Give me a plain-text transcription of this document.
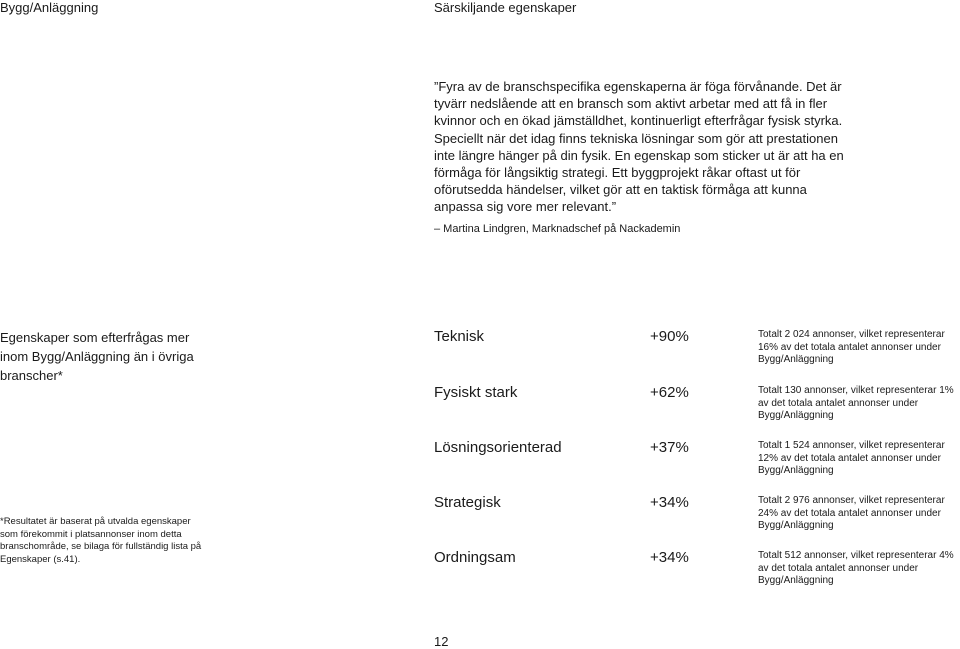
Bygg/Anläggning	Särskiljande egenskaper

”Fyra av de branschspecifika egenskaperna är föga förvånande. Det är tyvärr nedslående att en bransch som aktivt arbetar med att få in fler kvinnor och en ökad jämställdhet, kontinuerligt efterfrågar fysisk styrka. Speciellt när det idag finns tekniska lösningar som gör att prestationen inte längre hänger på din fysik. En egenskap som sticker ut är att ha en förmåga för långsiktig strategi. Ett byggprojekt råkar oftast ut för oförutsedda händelser, vilket gör att en taktisk förmåga att kunna anpassa sig vore mer relevant.”

– Martina Lindgren, Marknadschef på Nackademin
Egenskaper som efterfrågas mer inom Bygg/Anläggning än i övriga branscher*
*Resultatet är baserat på utvalda egenskaper som förekommit i platsannonser inom detta branschområde, se bilaga för fullständig lista på Egenskaper (s.41).
Teknisk	+90%	Totalt 2 024 annonser, vilket representerar 16% av det totala antalet annonser under Bygg/Anläggning
Fysiskt stark	+62%	Totalt 130 annonser, vilket representerar 1% av det totala antalet annonser under Bygg/Anläggning
Lösningsorienterad	+37%	Totalt 1 524 annonser, vilket representerar 12% av det totala antalet annonser under Bygg/Anläggning
Strategisk	+34%	Totalt 2 976 annonser, vilket representerar 24% av det totala antalet annonser under Bygg/Anläggning
Ordningsam	+34%	Totalt 512 annonser, vilket representerar 4% av det totala antalet annonser under Bygg/Anläggning
12
